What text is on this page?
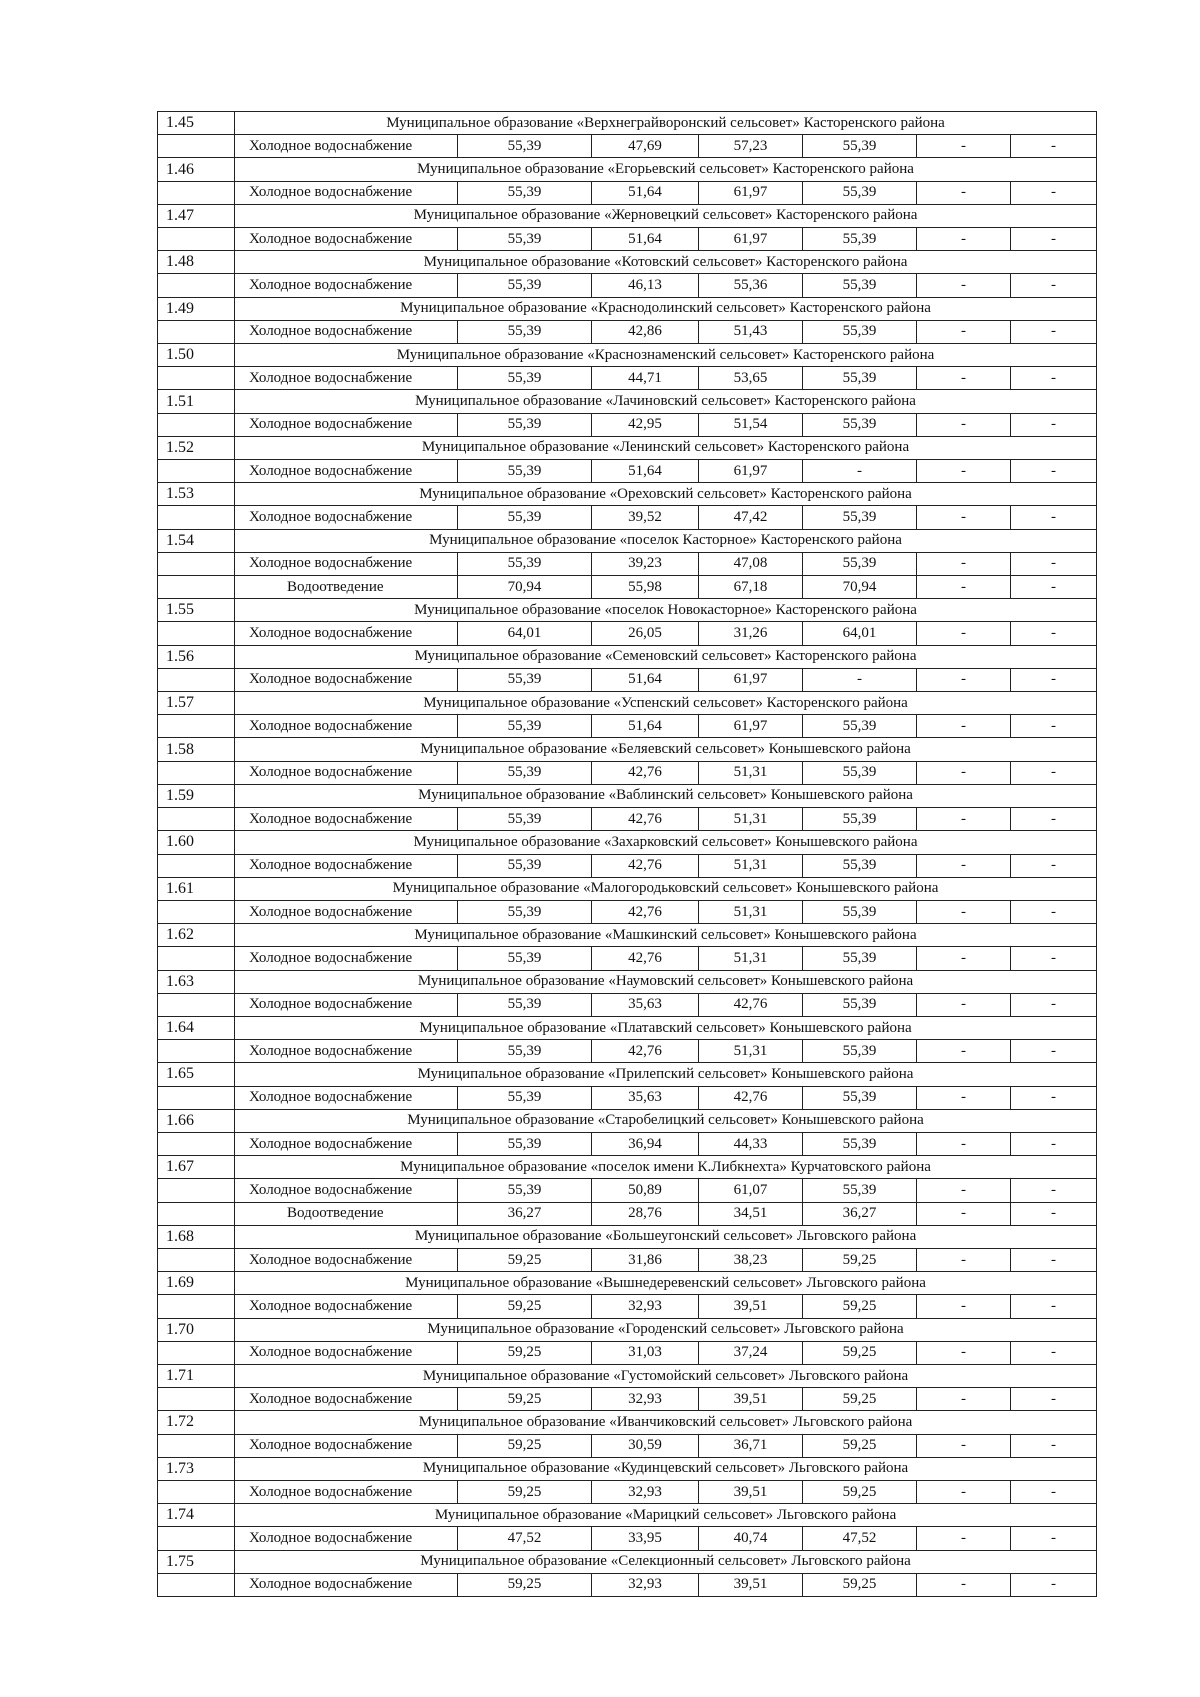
1.45	Муниципальное образование «Верхнеграйворонский сельсовет» Касторенского района						
	Холодное водоснабжение	55,39	47,69	57,23	55,39	-	-
1.46	Муниципальное образование «Егорьевский сельсовет» Касторенского района						
	Холодное водоснабжение	55,39	51,64	61,97	55,39	-	-
1.47	Муниципальное образование «Жерновецкий сельсовет» Касторенского района						
	Холодное водоснабжение	55,39	51,64	61,97	55,39	-	-
1.48	Муниципальное образование «Котовский сельсовет» Касторенского района						
	Холодное водоснабжение	55,39	46,13	55,36	55,39	-	-
1.49	Муниципальное образование «Краснодолинский сельсовет» Касторенского района						
	Холодное водоснабжение	55,39	42,86	51,43	55,39	-	-
1.50	Муниципальное образование «Краснознаменский сельсовет» Касторенского района						
	Холодное водоснабжение	55,39	44,71	53,65	55,39	-	-
1.51	Муниципальное образование «Лачиновский сельсовет» Касторенского района						
	Холодное водоснабжение	55,39	42,95	51,54	55,39	-	-
1.52	Муниципальное образование «Ленинский сельсовет» Касторенского района						
	Холодное водоснабжение	55,39	51,64	61,97	-	-	-
1.53	Муниципальное образование «Ореховский сельсовет» Касторенского района						
	Холодное водоснабжение	55,39	39,52	47,42	55,39	-	-
1.54	Муниципальное образование «поселок Касторное» Касторенского района						
	Холодное водоснабжение	55,39	39,23	47,08	55,39	-	-
	Водоотведение	70,94	55,98	67,18	70,94	-	-
1.55	Муниципальное образование «поселок Новокасторное» Касторенского района						
	Холодное водоснабжение	64,01	26,05	31,26	64,01	-	-
1.56	Муниципальное образование «Семеновский сельсовет» Касторенского района						
	Холодное водоснабжение	55,39	51,64	61,97	-	-	-
1.57	Муниципальное образование «Успенский сельсовет» Касторенского района						
	Холодное водоснабжение	55,39	51,64	61,97	55,39	-	-
1.58	Муниципальное образование «Беляевский сельсовет» Конышевского района						
	Холодное водоснабжение	55,39	42,76	51,31	55,39	-	-
1.59	Муниципальное образование «Ваблинский сельсовет» Конышевского района						
	Холодное водоснабжение	55,39	42,76	51,31	55,39	-	-
1.60	Муниципальное образование «Захарковский сельсовет» Конышевского района						
	Холодное водоснабжение	55,39	42,76	51,31	55,39	-	-
1.61	Муниципальное образование «Малогородьковский сельсовет» Конышевского района						
	Холодное водоснабжение	55,39	42,76	51,31	55,39	-	-
1.62	Муниципальное образование «Машкинский сельсовет» Конышевского района						
	Холодное водоснабжение	55,39	42,76	51,31	55,39	-	-
1.63	Муниципальное образование «Наумовский сельсовет» Конышевского района						
	Холодное водоснабжение	55,39	35,63	42,76	55,39	-	-
1.64	Муниципальное образование «Платавский сельсовет» Конышевского района						
	Холодное водоснабжение	55,39	42,76	51,31	55,39	-	-
1.65	Муниципальное образование «Прилепский сельсовет» Конышевского района						
	Холодное водоснабжение	55,39	35,63	42,76	55,39	-	-
1.66	Муниципальное образование «Старобелицкий сельсовет» Конышевского района						
	Холодное водоснабжение	55,39	36,94	44,33	55,39	-	-
1.67	Муниципальное образование «поселок имени К.Либкнехта» Курчатовского района						
	Холодное водоснабжение	55,39	50,89	61,07	55,39	-	-
	Водоотведение	36,27	28,76	34,51	36,27	-	-
1.68	Муниципальное образование «Большеугонский сельсовет» Льговского района						
	Холодное водоснабжение	59,25	31,86	38,23	59,25	-	-
1.69	Муниципальное образование «Вышнедеревенский сельсовет» Льговского района						
	Холодное водоснабжение	59,25	32,93	39,51	59,25	-	-
1.70	Муниципальное образование «Городенский сельсовет» Льговского района						
	Холодное водоснабжение	59,25	31,03	37,24	59,25	-	-
1.71	Муниципальное образование «Густомойский сельсовет» Льговского района						
	Холодное водоснабжение	59,25	32,93	39,51	59,25	-	-
1.72	Муниципальное образование «Иванчиковский сельсовет» Льговского района						
	Холодное водоснабжение	59,25	30,59	36,71	59,25	-	-
1.73	Муниципальное образование «Кудинцевский сельсовет» Льговского района						
	Холодное водоснабжение	59,25	32,93	39,51	59,25	-	-
1.74	Муниципальное образование «Марицкий сельсовет» Льговского района						
	Холодное водоснабжение	47,52	33,95	40,74	47,52	-	-
1.75	Муниципальное образование «Селекционный сельсовет» Льговского района						
	Холодное водоснабжение	59,25	32,93	39,51	59,25	-	-
